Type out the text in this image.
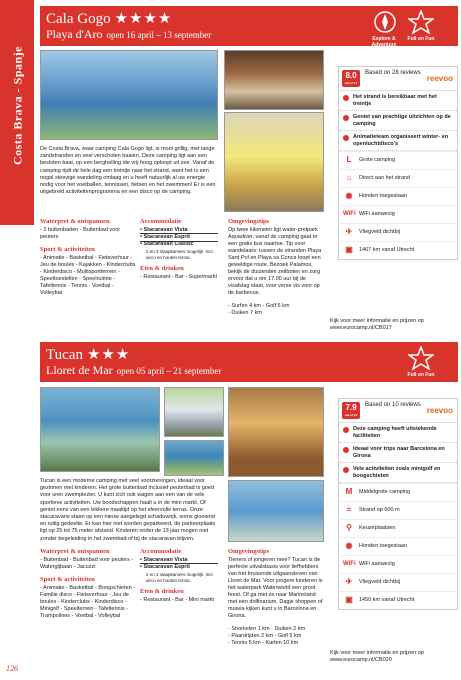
Costa Brava - Spanje
Cala Gogo ★★★★
Playa d'Aro open 16 april – 13 september	Explore & Adventure
Full on Fun
8.0
out of 10
Based on 28 reviews
reevoo
Het strand is bereikbaar met het treintje
Geniet van prachtige uitzichten op de camping
Animatieteam organiseert winter- en openluchtdisco's
L	Grote camping
⌂	Direct aan het strand
◉	Honden toegestaan
WiFi WiFi aanwezig
✈	Vliegveld dichtbij
▣	1467 km vanaf Utrecht
De Costa Brava, waar camping Cala Gogo ligt, is mooi grillig, met lange zandstranden en veel verscholen baaien. Deze camping ligt aan een besloten baai, op een berghelling die vrij hoog oploopt uit zee. Vanaf de camping rijdt de hele dag een treintje naar het strand, want het is een nogal steevige wandeling omlaag en u heeft natuurlijk al uw energie nodig voor het voetballen, tennissen, fietsen en het zwemmen! Er is een uitgebreid activiteitenprogramma en een disco op de camping.
Waterpret & ontspannen
- 2 buitenbaden - Buitenbad voor peuters
Sport & activiteiten
- Animatie - Basketbal - Fietsverhuur - Jeu de boules - Kajakken - Kinderclubs - Kinderdisco - Multisportterrein - Speeltoestellen - Speelruimte - Tafeltennis - Tennis - Voetbal - Volleybal
Accommodatie
• Stacaravan Vista
• Stacaravan Esprit
• Stacaravan Classic
2 en 3 slaapkamers mogelijk. Incl. airco en houten terras.
Eten & drinken
- Restaurant - Bar - Supermarkt
Omgevingstips
Op twee kilometer ligt water-pretpark Aquadiver, vanaf de camping gaat er een gratis bus naartoe. Tip voor wandelaars: tussen de stranden Playa Sant Pol en Playa sa Conca loopt een geweldige route. Bezoek Palamos, bekijk de duizenden zeilboten en zorg ervoor dat u om 17.00 uur bij de visafslag staat, voor verse vis voor op de barbecue.
- Surfen 4 km - Golf 6 km
- Duiken 7 km
Kijk voor meer informatie en prijzen op
www.eurocamp.nl/CB017
Tucan ★★★
Lloret de Mar open 05 april – 21 september	Full on Fun
7.9
out of 10
Based on 10 reviews
reevoo
Deze camping heeft uitstekende faciliteiten
Ideaal voor trips naar Barcelona en Girona
Vele activiteiten zoals minigolf en boogschieten
M	Middelgrote camping
≈	Strand op 600 m
⚲	Keuzeplaatsen
◉	Honden toegestaan
WiFi WiFi aanwezig
✈	Vliegveld dichtbij
▣	1450 km vanaf Utrecht
Tucan is een moderne camping met veel voorzieningen, ideaal voor gezinnen met kinderen. Het grote buitenbad inclusief peuterbad is goed voor uren zwemplezier. U kunt zich ook wagen aan een van de vele sportieve activiteiten. Uw boodschappen haalt u in de mini markt. Of geniet eens van een lekkere maaltijd op het sfeervolle terras. Onze stacaravans staan op een nieuw aangelegd schaduwrijk, soms glooiend en ruitig gedeelte. Er kan hier niet worden geparkeerd, de parkeerplaats ligt op 25 tot 75 meter afstand. Kinderen onder de 13 jaar mogen niet zonder begeleiding in het zwembad of bij de stacaravan blijven.
Waterpret & ontspannen
- Buitenbad - Buitenbad voor peuters - Watergljbaan - Jacuzzi
Sport & activiteiten
- Animatie - Basketbal - Boogschieten - Familie disco - Fietsverhuur - Jeu de boules - Kinderclubs - Kinderdisco - Minigolf - Speelterrein - Tafeltennis - Trampolines - Voetbal - Volleybal
Accommodatie
• Stacaravan Vista
• Stacaravan Esprit
2 en 3 slaapkamers mogelijk. Incl. airco en houten terras.
Eten & drinken
- Restaurant - Bar - Mini markt
Omgevingstips
Tieners of jongeren mee? Tucan is de perfecte uitvalsbasis voor liefhebbers van het bruisende uitgaansleven van Lloret de Mar. Voor jongere kinderen is het waterpark Waterworld een groot feest. Of ga met ze naar Marineland met een dolfinarium. Dagje shoppen of musea kijken kunt u in Barcelona en Girona.
- Snorkelen 1 km - Duiken 2 km
- Paardrijden 2 km - Golf 5 km
- Tennis 5 km - Karten 10 km
Kijk voor meer informatie en prijzen op
www.eurocamp.nl/CB020
126
